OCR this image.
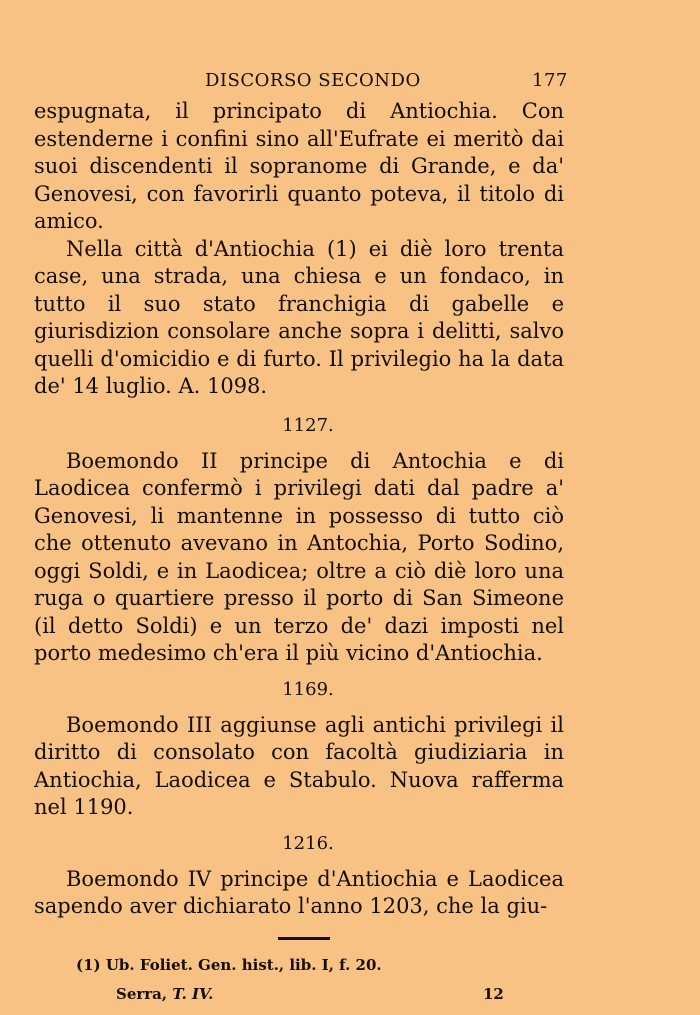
DISCORSO SECONDO	177

espugnata, il principato di Antiochia. Con estenderne i confini sino all'Eufrate ei meritò dai suoi discendenti il sopranome di Grande, e da' Genovesi, con favorirli quanto poteva, il titolo di amico.

Nella città d'Antiochia (1) ei diè loro trenta case, una strada, una chiesa e un fondaco, in tutto il suo stato franchigia di gabelle e giurisdizion consolare anche sopra i delitti, salvo quelli d'omicidio e di furto. Il privilegio ha la data de' 14 luglio. A. 1098.

1127.

Boemondo II principe di Antochia e di Laodicea confermò i privilegi dati dal padre a' Genovesi, li mantenne in possesso di tutto ciò che ottenuto avevano in Antochia, Porto Sodino, oggi Soldi, e in Laodicea; oltre a ciò diè loro una ruga o quartiere presso il porto di San Simeone (il detto Soldi) e un terzo de' dazi imposti nel porto medesimo ch'era il più vicino d'Antiochia.

1169.

Boemondo III aggiunse agli antichi privilegi il diritto di consolato con facoltà giudiziaria in Antiochia, Laodicea e Stabulo. Nuova rafferma nel 1190.

1216.

Boemondo IV principe d'Antiochia e Laodicea sapendo aver dichiarato l'anno 1203, che la giu-

(1) Ub. Foliet. Gen. hist., lib. I, f. 20.
Serra, T. IV.	12
